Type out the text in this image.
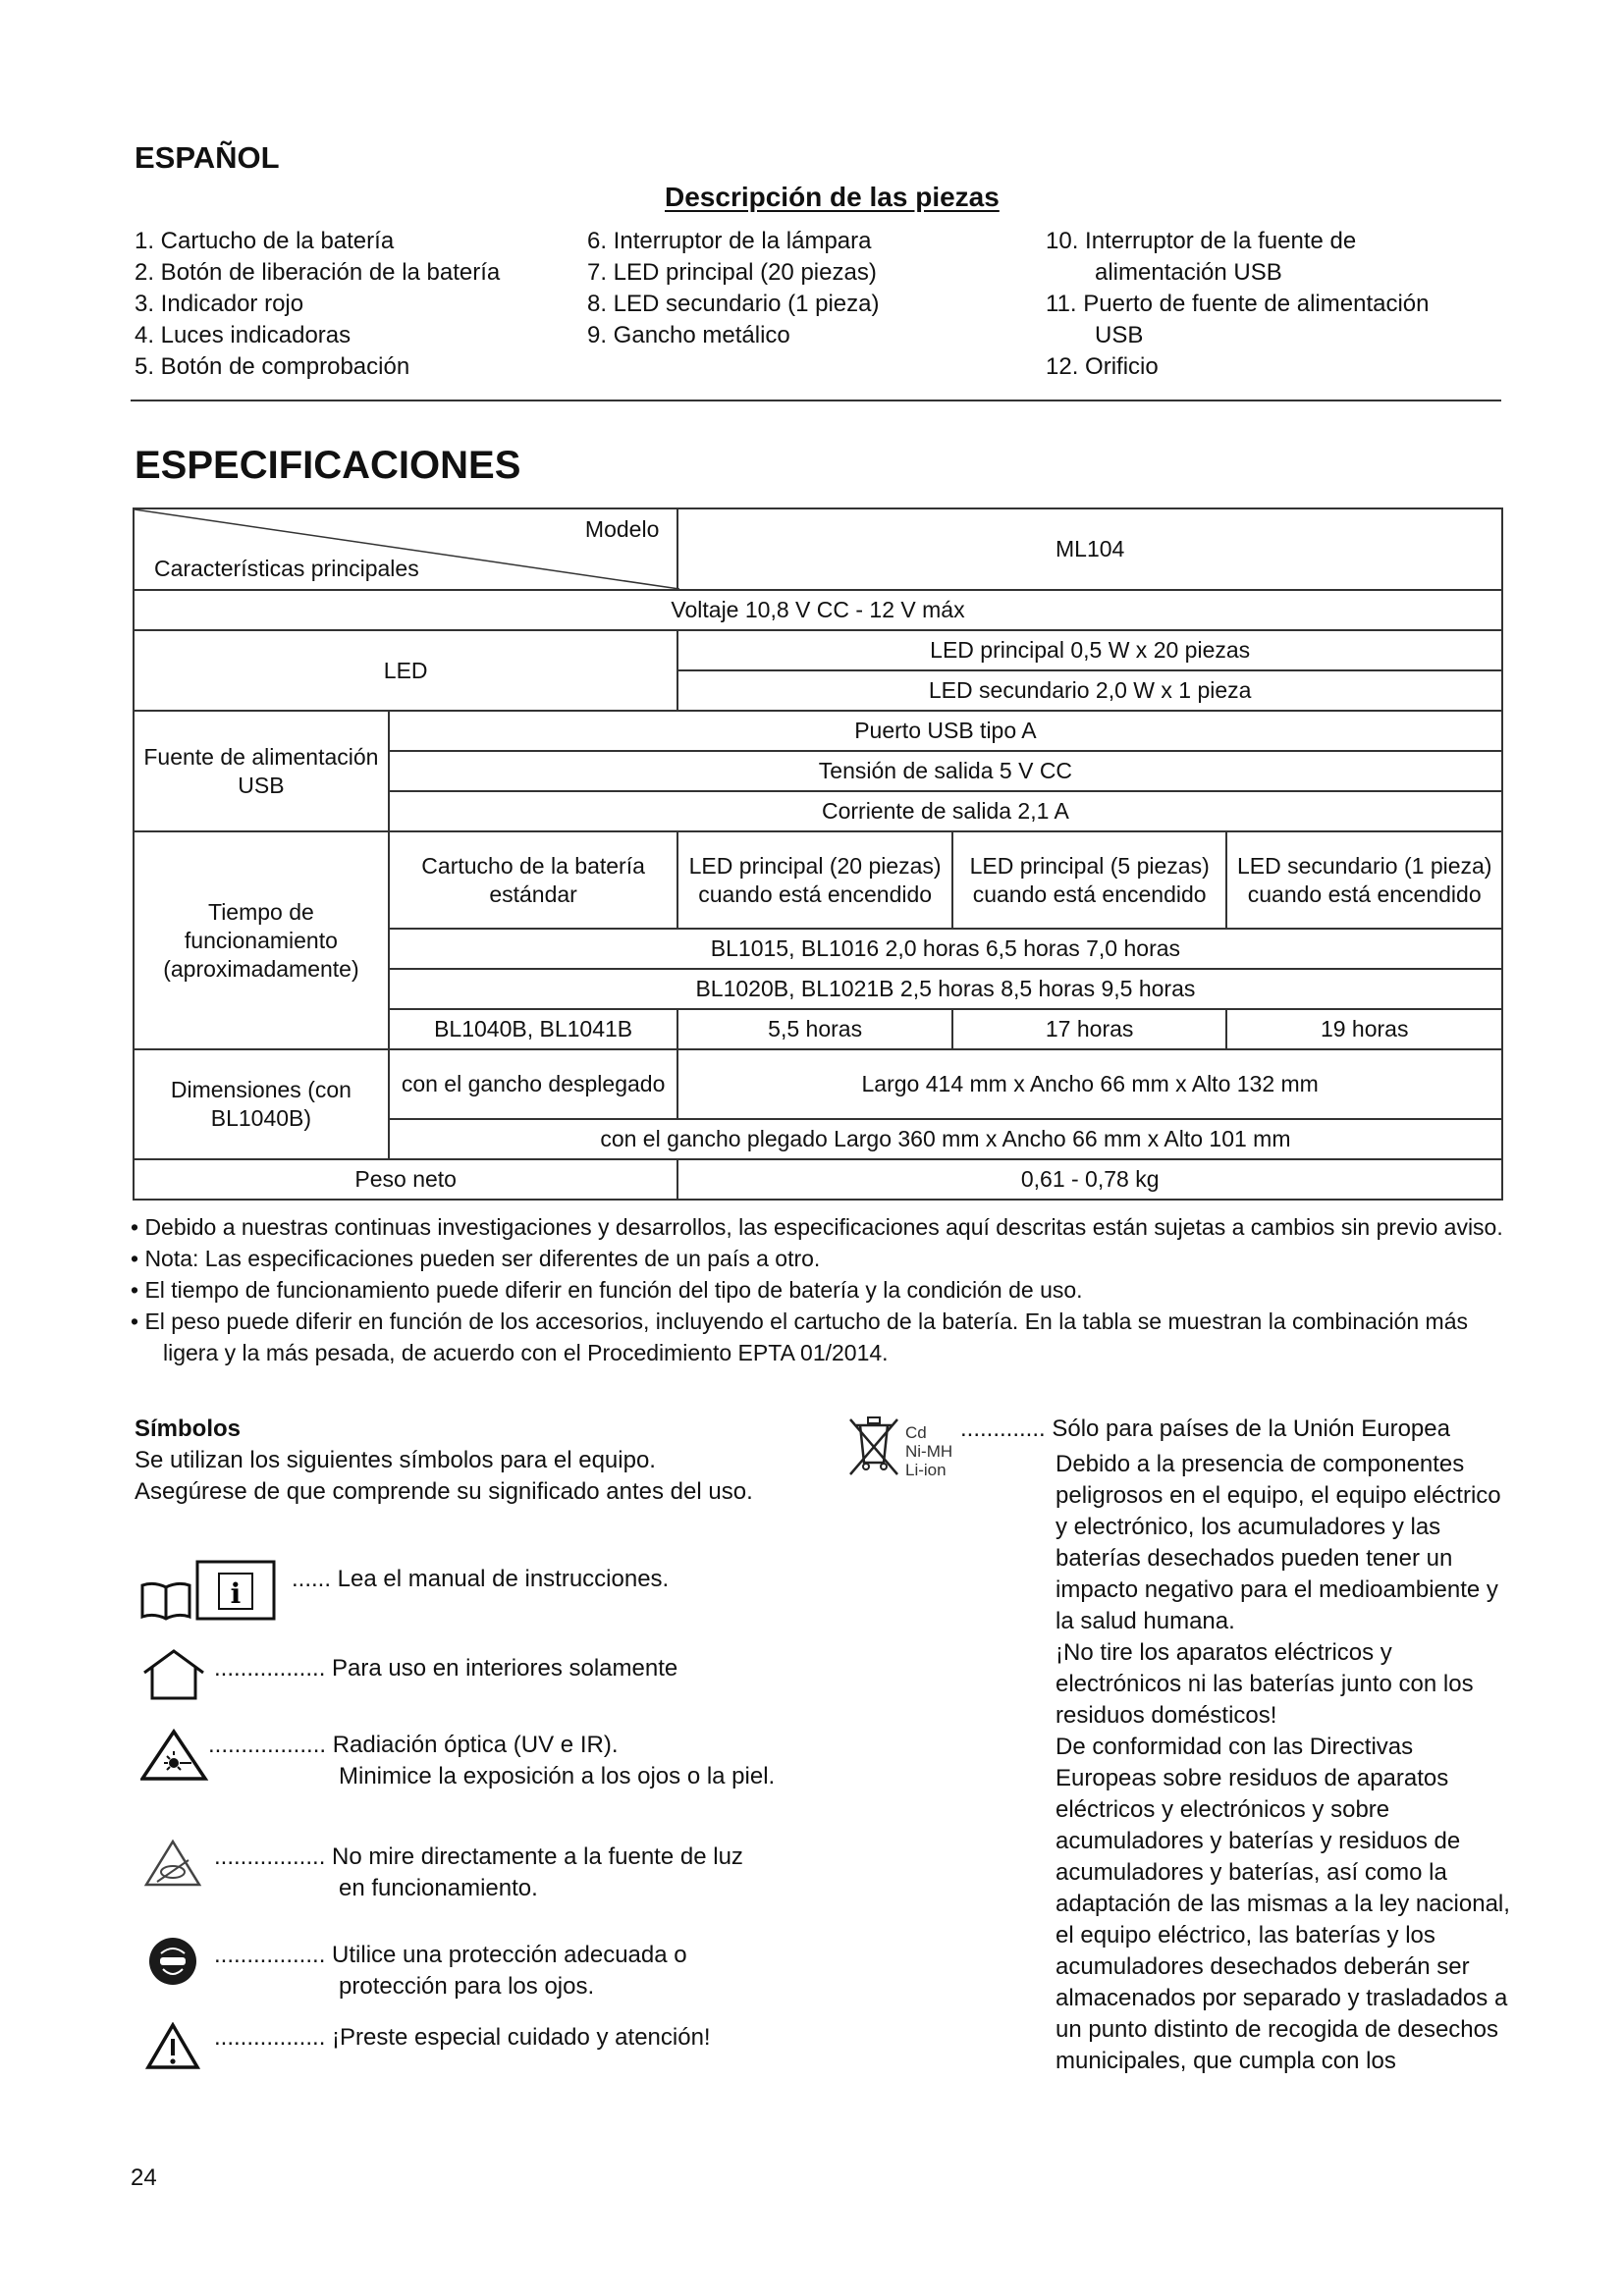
ESPAÑOL
Descripción de las piezas
1. Cartucho de la batería
2. Botón de liberación de la batería
3. Indicador rojo
4. Luces indicadoras
5. Botón de comprobación
6. Interruptor de la lámpara
7. LED principal (20 piezas)
8. LED secundario (1 pieza)
9. Gancho metálico
10. Interruptor de la fuente de
alimentación USB
11. Puerto de fuente de alimentación
USB
12. Orificio
ESPECIFICACIONES
Modelo
Características principales		ML104		
Voltaje 10,8 V CC - 12 V máx				
LED		LED principal 0,5 W x 20 piezas		
		LED secundario 2,0 W x 1 pieza		
Fuente de alimentación USB	Puerto USB tipo A			
	Tensión de salida 5 V CC			
	Corriente de salida 2,1 A			
Tiempo de funcionamiento (aproximadamente)	Cartucho de la batería estándar	LED principal (20 piezas) cuando está encendido	LED principal (5 piezas) cuando está encendido	LED secundario (1 pieza) cuando está encendido
	BL1015, BL1016 2,0 horas 6,5 horas 7,0 horas			
	BL1020B, BL1021B 2,5 horas 8,5 horas 9,5 horas			
	BL1040B, BL1041B	5,5 horas	17 horas	19 horas
Dimensiones (con BL1040B)	con el gancho desplegado	Largo 414 mm x Ancho 66 mm x Alto 132 mm		
	con el gancho plegado Largo 360 mm x Ancho 66 mm x Alto 101 mm			
Peso neto		0,61 - 0,78 kg		
• Debido a nuestras continuas investigaciones y desarrollos, las especificaciones aquí descritas están sujetas a cambios sin previo aviso.
• Nota: Las especificaciones pueden ser diferentes de un país a otro.
• El tiempo de funcionamiento puede diferir en función del tipo de batería y la condición de uso.
• El peso puede diferir en función de los accesorios, incluyendo el cartucho de la batería. En la tabla se muestran la combinación más ligera y la más pesada, de acuerdo con el Procedimiento EPTA 01/2014.
Símbolos
Se utilizan los siguientes símbolos para el equipo. Asegúrese de que comprende su significado antes del uso.
i ...... Lea el manual de instrucciones.
................. Para uso en interiores solamente
.................. Radiación óptica (UV e IR).
Minimice la exposición a los ojos o la piel.
................. No mire directamente a la fuente de luz
en funcionamiento.
................. Utilice una protección adecuada o
protección para los ojos.
................. ¡Preste especial cuidado y atención!
Cd
Ni-MH
Li-ion
............. Sólo para países de la Unión Europea
Debido a la presencia de componentes peligrosos en el equipo, el equipo eléctrico y electrónico, los acumuladores y las baterías desechados pueden tener un impacto negativo para el medioambiente y la salud humana.
¡No tire los aparatos eléctricos y electrónicos ni las baterías junto con los residuos domésticos!
De conformidad con las Directivas Europeas sobre residuos de aparatos eléctricos y electrónicos y sobre acumuladores y baterías y residuos de acumuladores y baterías, así como la adaptación de las mismas a la ley nacional, el equipo eléctrico, las baterías y los acumuladores desechados deberán ser almacenados por separado y trasladados a un punto distinto de recogida de desechos municipales, que cumpla con los
24
